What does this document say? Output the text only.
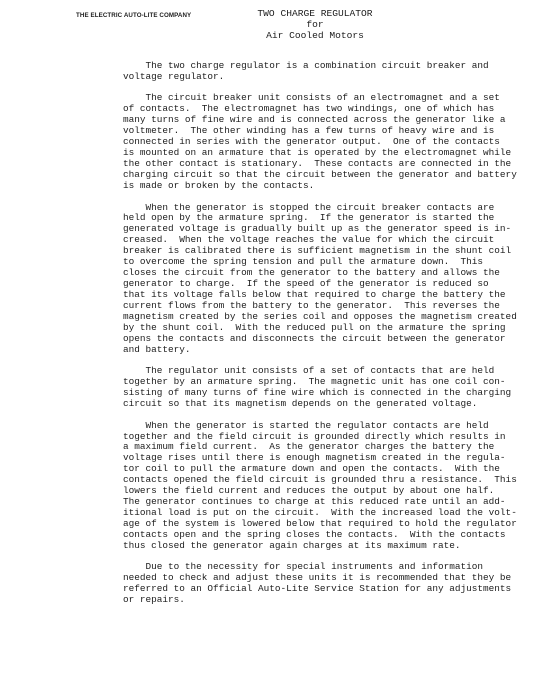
THE ELECTRIC AUTO-LITE COMPANY	TWO CHARGE REGULATOR
for
Air Cooled Motors
The two charge regulator is a combination circuit breaker and
voltage regulator.
The circuit breaker unit consists of an electromagnet and a set
of contacts.  The electromagnet has two windings, one of which has
many turns of fine wire and is connected across the generator like a
voltmeter.  The other winding has a few turns of heavy wire and is
connected in series with the generator output.  One of the contacts
is mounted on an armature that is operated by the electromagnet while
the other contact is stationary.  These contacts are connected in the
charging circuit so that the circuit between the generator and battery
is made or broken by the contacts.
When the generator is stopped the circuit breaker contacts are
held open by the armature spring.  If the generator is started the
generated voltage is gradually built up as the generator speed is in-
creased.  When the voltage reaches the value for which the circuit
breaker is calibrated there is sufficient magnetism in the shunt coil
to overcome the spring tension and pull the armature down.  This
closes the circuit from the generator to the battery and allows the
generator to charge.  If the speed of the generator is reduced so
that its voltage falls below that required to charge the battery the
current flows from the battery to the generator.  This reverses the
magnetism created by the series coil and opposes the magnetism created
by the shunt coil.  With the reduced pull on the armature the spring
opens the contacts and disconnects the circuit between the generator
and battery.
The regulator unit consists of a set of contacts that are held
together by an armature spring.  The magnetic unit has one coil con-
sisting of many turns of fine wire which is connected in the charging
circuit so that its magnetism depends on the generated voltage.
When the generator is started the regulator contacts are held
together and the field circuit is grounded directly which results in
a maximum field current.  As the generator charges the battery the
voltage rises until there is enough magnetism created in the regula-
tor coil to pull the armature down and open the contacts.  With the
contacts opened the field circuit is grounded thru a resistance.  This
lowers the field current and reduces the output by about one half.
The generator continues to charge at this reduced rate until an add-
itional load is put on the circuit.  With the increased load the volt-
age of the system is lowered below that required to hold the regulator
contacts open and the spring closes the contacts.  With the contacts
thus closed the generator again charges at its maximum rate.
Due to the necessity for special instruments and information
needed to check and adjust these units it is recommended that they be
referred to an Official Auto-Lite Service Station for any adjustments
or repairs.
